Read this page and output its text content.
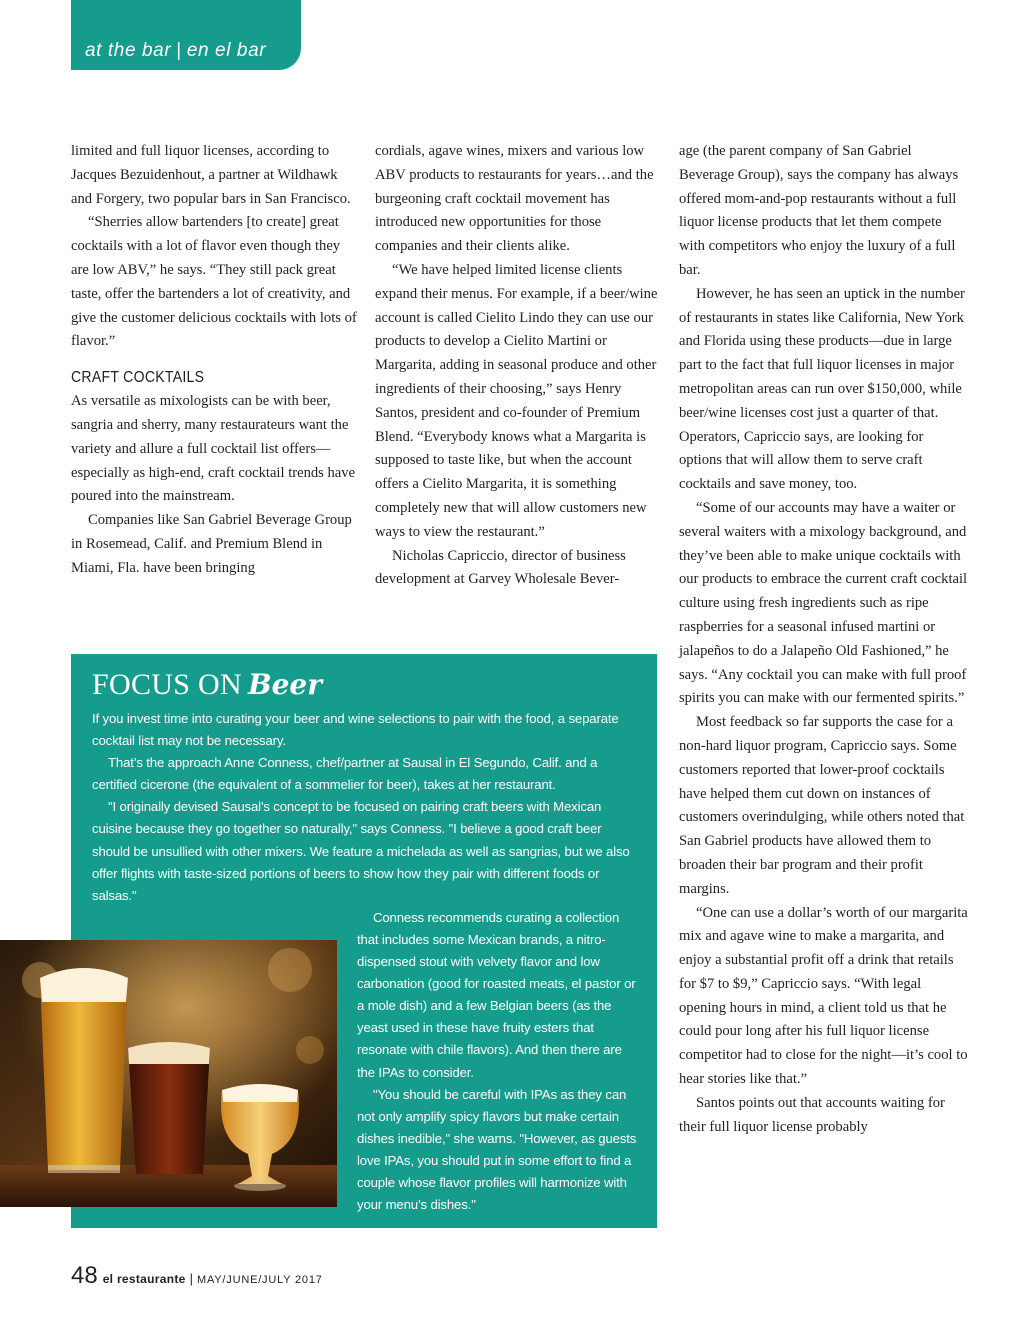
at the bar | en el bar

limited and full liquor licenses, according to Jacques Bezuidenhout, a partner at Wildhawk and Forgery, two popular bars in San Francisco.

“Sherries allow bartenders [to create] great cocktails with a lot of flavor even though they are low ABV,” he says. “They still pack great taste, offer the bartenders a lot of creativity, and give the customer delicious cocktails with lots of flavor.”

CRAFT COCKTAILS

As versatile as mixologists can be with beer, sangria and sherry, many restaurateurs want the variety and allure a full cocktail list offers—especially as high-end, craft cocktail trends have poured into the mainstream.

Companies like San Gabriel Beverage Group in Rosemead, Calif. and Premium Blend in Miami, Fla. have been bringing

cordials, agave wines, mixers and various low ABV products to restaurants for years…and the burgeoning craft cocktail movement has introduced new opportunities for those companies and their clients alike.

“We have helped limited license clients expand their menus. For example, if a beer/wine account is called Cielito Lindo they can use our products to develop a Cielito Martini or Margarita, adding in seasonal produce and other ingredients of their choosing,” says Henry Santos, president and co-founder of Premium Blend. “Everybody knows what a Margarita is supposed to taste like, but when the account offers a Cielito Margarita, it is something completely new that will allow customers new ways to view the restaurant.”

Nicholas Capriccio, director of business development at Garvey Wholesale Bever-

age (the parent company of San Gabriel Beverage Group), says the company has always offered mom-and-pop restaurants without a full liquor license products that let them compete with competitors who enjoy the luxury of a full bar.

However, he has seen an uptick in the number of restaurants in states like California, New York and Florida using these products—due in large part to the fact that full liquor licenses in major metropolitan areas can run over $150,000, while beer/wine licenses cost just a quarter of that. Operators, Capriccio says, are looking for options that will allow them to serve craft cocktails and save money, too.

“Some of our accounts may have a waiter or several waiters with a mixology background, and they’ve been able to make unique cocktails with our products to embrace the current craft cocktail culture using fresh ingredients such as ripe raspberries for a seasonal infused martini or jalapeños to do a Jalapeño Old Fashioned,” he says. “Any cocktail you can make with full proof spirits you can make with our fermented spirits.”

Most feedback so far supports the case for a non-hard liquor program, Capriccio says. Some customers reported that lower-proof cocktails have helped them cut down on instances of customers overindulging, while others noted that San Gabriel products have allowed them to broaden their bar program and their profit margins.

“One can use a dollar’s worth of our margarita mix and agave wine to make a margarita, and enjoy a substantial profit off a drink that retails for $7 to $9,” Capriccio says. “With legal opening hours in mind, a client told us that he could pour long after his full liquor license competitor had to close for the night—it’s cool to hear stories like that.”

Santos points out that accounts waiting for their full liquor license probably

FOCUS ON Beer

If you invest time into curating your beer and wine selections to pair with the food, a separate cocktail list may not be necessary.

That’s the approach Anne Conness, chef/partner at Sausal in El Segundo, Calif. and a certified cicerone (the equivalent of a sommelier for beer), takes at her restaurant.

"I originally devised Sausal's concept to be focused on pairing craft beers with Mexican cuisine because they go together so naturally," says Conness. "I believe a good craft beer should be unsullied with other mixers. We feature a michelada as well as sangrias, but we also offer flights with taste-sized portions of beers to show how they pair with different foods or salsas."

Conness recommends curating a collection that includes some Mexican brands, a nitro-dispensed stout with velvety flavor and low carbonation (good for roasted meats, el pastor or a mole dish) and a few Belgian beers (as the yeast used in these have fruity esters that resonate with chile flavors). And then there are the IPAs to consider.

"You should be careful with IPAs as they can not only amplify spicy flavors but make certain dishes inedible," she warns. "However, as guests love IPAs, you should put in some effort to find a couple whose flavor profiles will harmonize with your menu’s dishes."

48 el restaurante | MAY/JUNE/JULY 2017
